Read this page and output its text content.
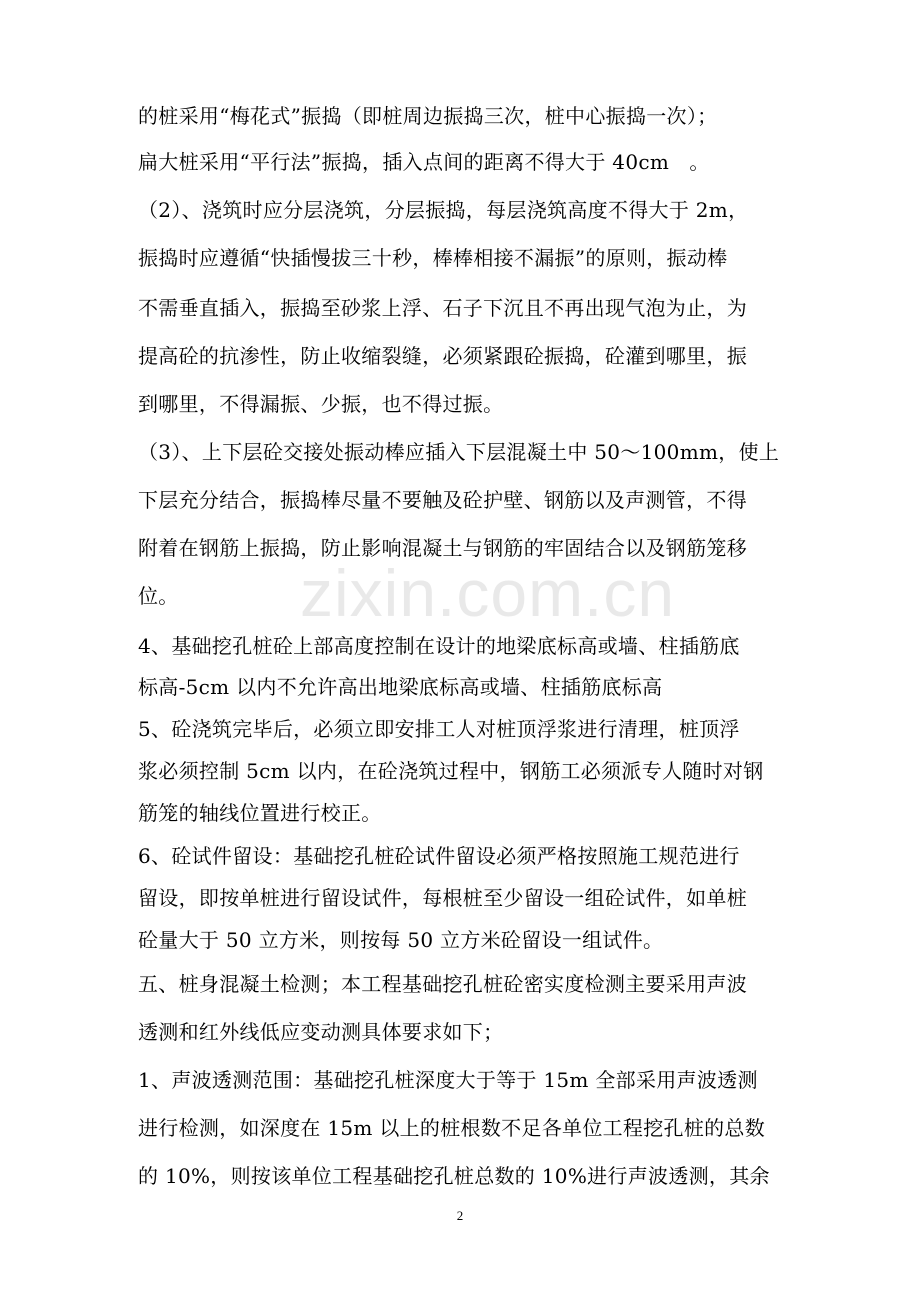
zixin.com.cn
的桩采用“梅花式”振捣（即桩周边振捣三次，桩中心振捣一次）；
扁大桩采用“平行法”振捣，插入点间的距离不得大于 40cm　。
（2）、浇筑时应分层浇筑，分层振捣，每层浇筑高度不得大于 2m，
振捣时应遵循“快插慢拔三十秒，棒棒相接不漏振”的原则，振动棒
不需垂直插入，振捣至砂浆上浮、石子下沉且不再出现气泡为止，为
提高砼的抗渗性，防止收缩裂缝，必须紧跟砼振捣，砼灌到哪里，振
到哪里，不得漏振、少振，也不得过振。
（3）、上下层砼交接处振动棒应插入下层混凝土中 50～100mm，使上
下层充分结合，振捣棒尽量不要触及砼护壁、钢筋以及声测管，不得
附着在钢筋上振捣，防止影响混凝土与钢筋的牢固结合以及钢筋笼移
位。
4、基础挖孔桩砼上部高度控制在设计的地梁底标高或墙、柱插筋底
标高-5cm 以内不允许高出地梁底标高或墙、柱插筋底标高
5、砼浇筑完毕后，必须立即安排工人对桩顶浮浆进行清理，桩顶浮
浆必须控制 5cm 以内，在砼浇筑过程中，钢筋工必须派专人随时对钢
筋笼的轴线位置进行校正。
6、砼试件留设：基础挖孔桩砼试件留设必须严格按照施工规范进行
留设，即按单桩进行留设试件，每根桩至少留设一组砼试件，如单桩
砼量大于 50 立方米，则按每 50 立方米砼留设一组试件。
五、桩身混凝土检测；本工程基础挖孔桩砼密实度检测主要采用声波
透测和红外线低应变动测具体要求如下；
1、声波透测范围：基础挖孔桩深度大于等于 15m 全部采用声波透测
进行检测，如深度在 15m 以上的桩根数不足各单位工程挖孔桩的总数
的 10%，则按该单位工程基础挖孔桩总数的 10%进行声波透测，其余
2
